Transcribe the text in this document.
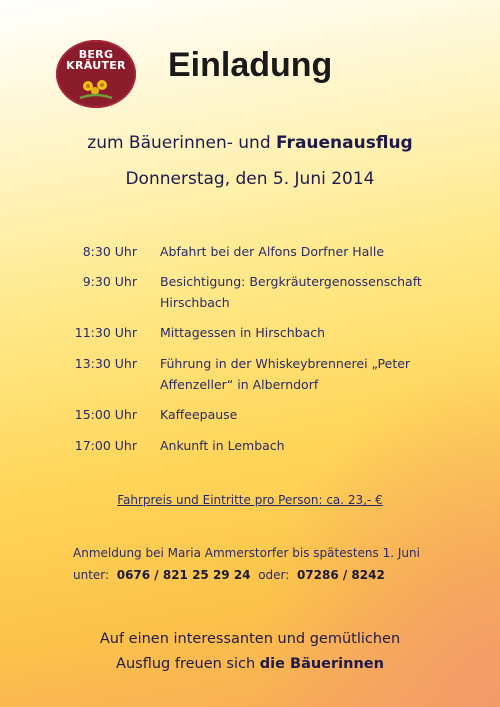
BERG
KRÄUTER Einladung
zum Bäuerinnen- und Frauenausflug
Donnerstag, den 5. Juni 2014
8:30 Uhr Abfahrt bei der Alfons Dorfner Halle
9:30 Uhr Besichtigung: Bergkräutergenossenschaft
Hirschbach
11:30 Uhr Mittagessen in Hirschbach
13:30 Uhr Führung in der Whiskeybrennerei „Peter
Affenzeller“ in Alberndorf
15:00 Uhr Kaffeepause
17:00 Uhr Ankunft in Lembach
Fahrpreis und Eintritte pro Person: ca. 23,- €
Anmeldung bei Maria Ammerstorfer bis spätestens 1. Juni
unter: 0676 / 821 25 29 24 oder: 07286 / 8242
Auf einen interessanten und gemütlichen
Ausflug freuen sich die Bäuerinnen
